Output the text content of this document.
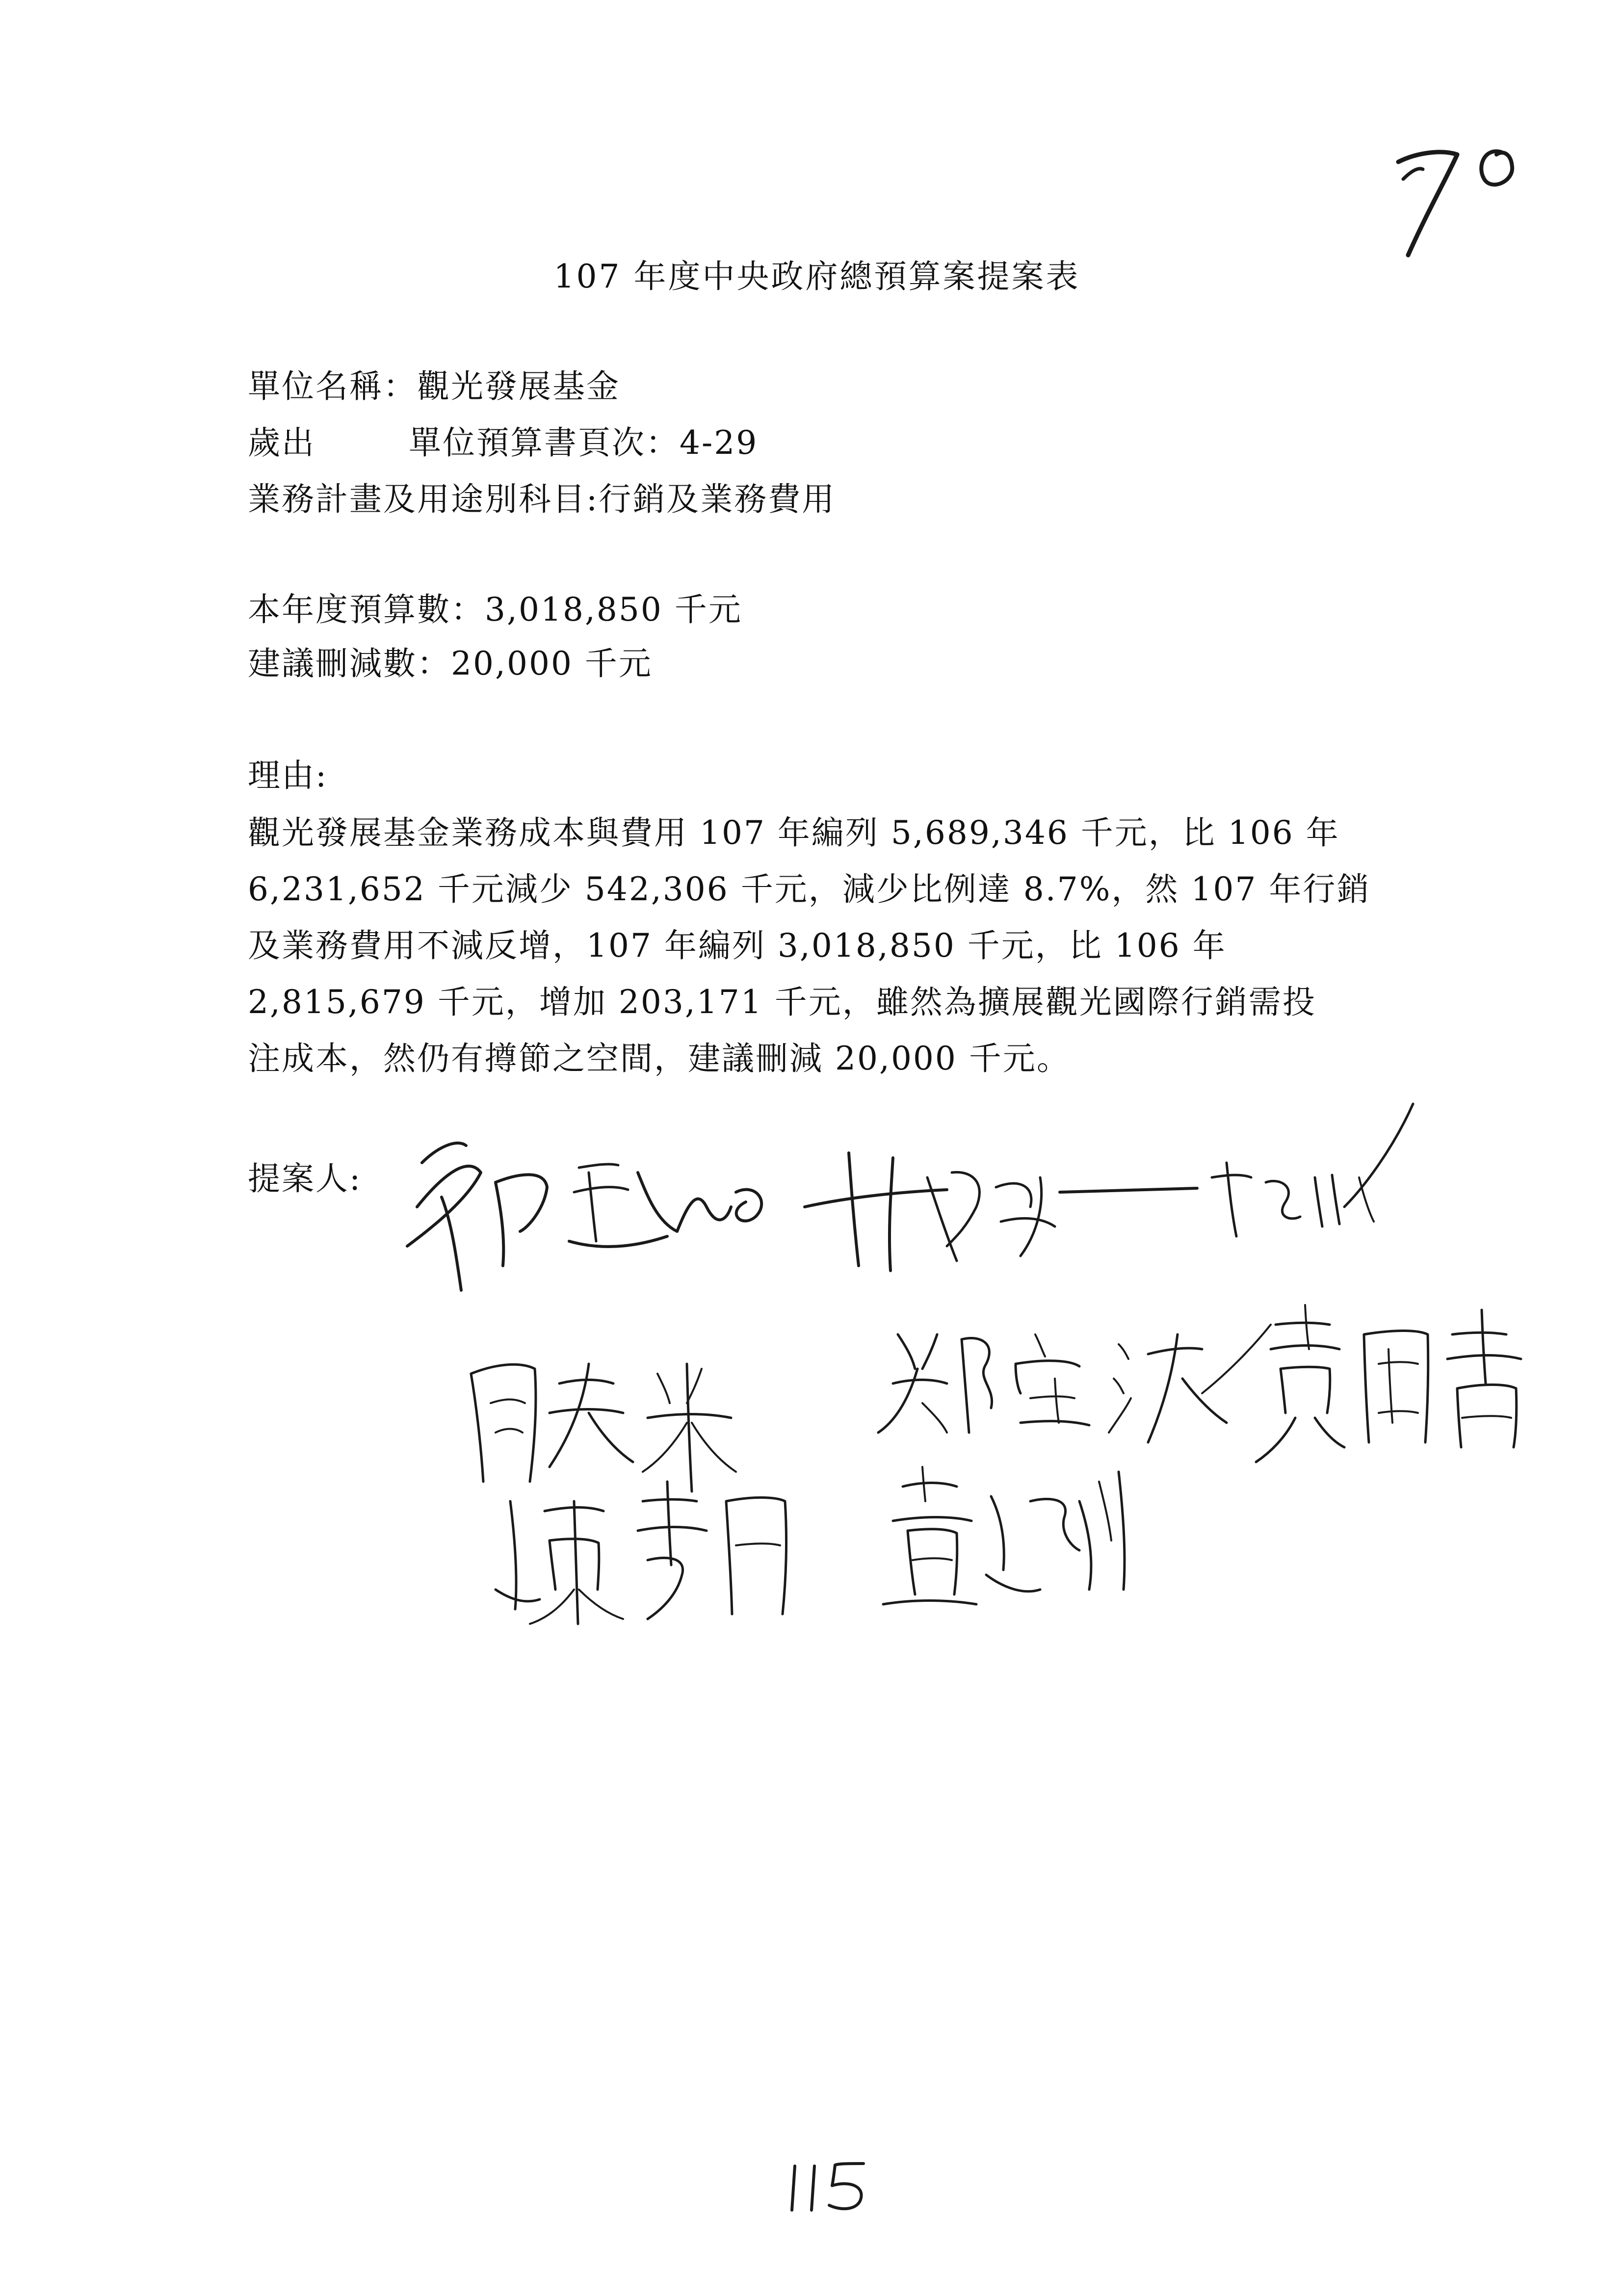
107 年度中央政府總預算案提案表
單位名稱：觀光發展基金
歲出	單位預算書頁次：4-29
業務計畫及用途別科目:行銷及業務費用
本年度預算數：3,018,850 千元
建議刪減數：20,000 千元
理由:
觀光發展基金業務成本與費用 107 年編列 5,689,346 千元，比 106 年
6,231,652 千元減少 542,306 千元，減少比例達 8.7%，然 107 年行銷
及業務費用不減反增，107 年編列 3,018,850 千元，比 106 年
2,815,679 千元，增加 203,171 千元，雖然為擴展觀光國際行銷需投
注成本，然仍有撙節之空間，建議刪減 20,000 千元。
提案人:
